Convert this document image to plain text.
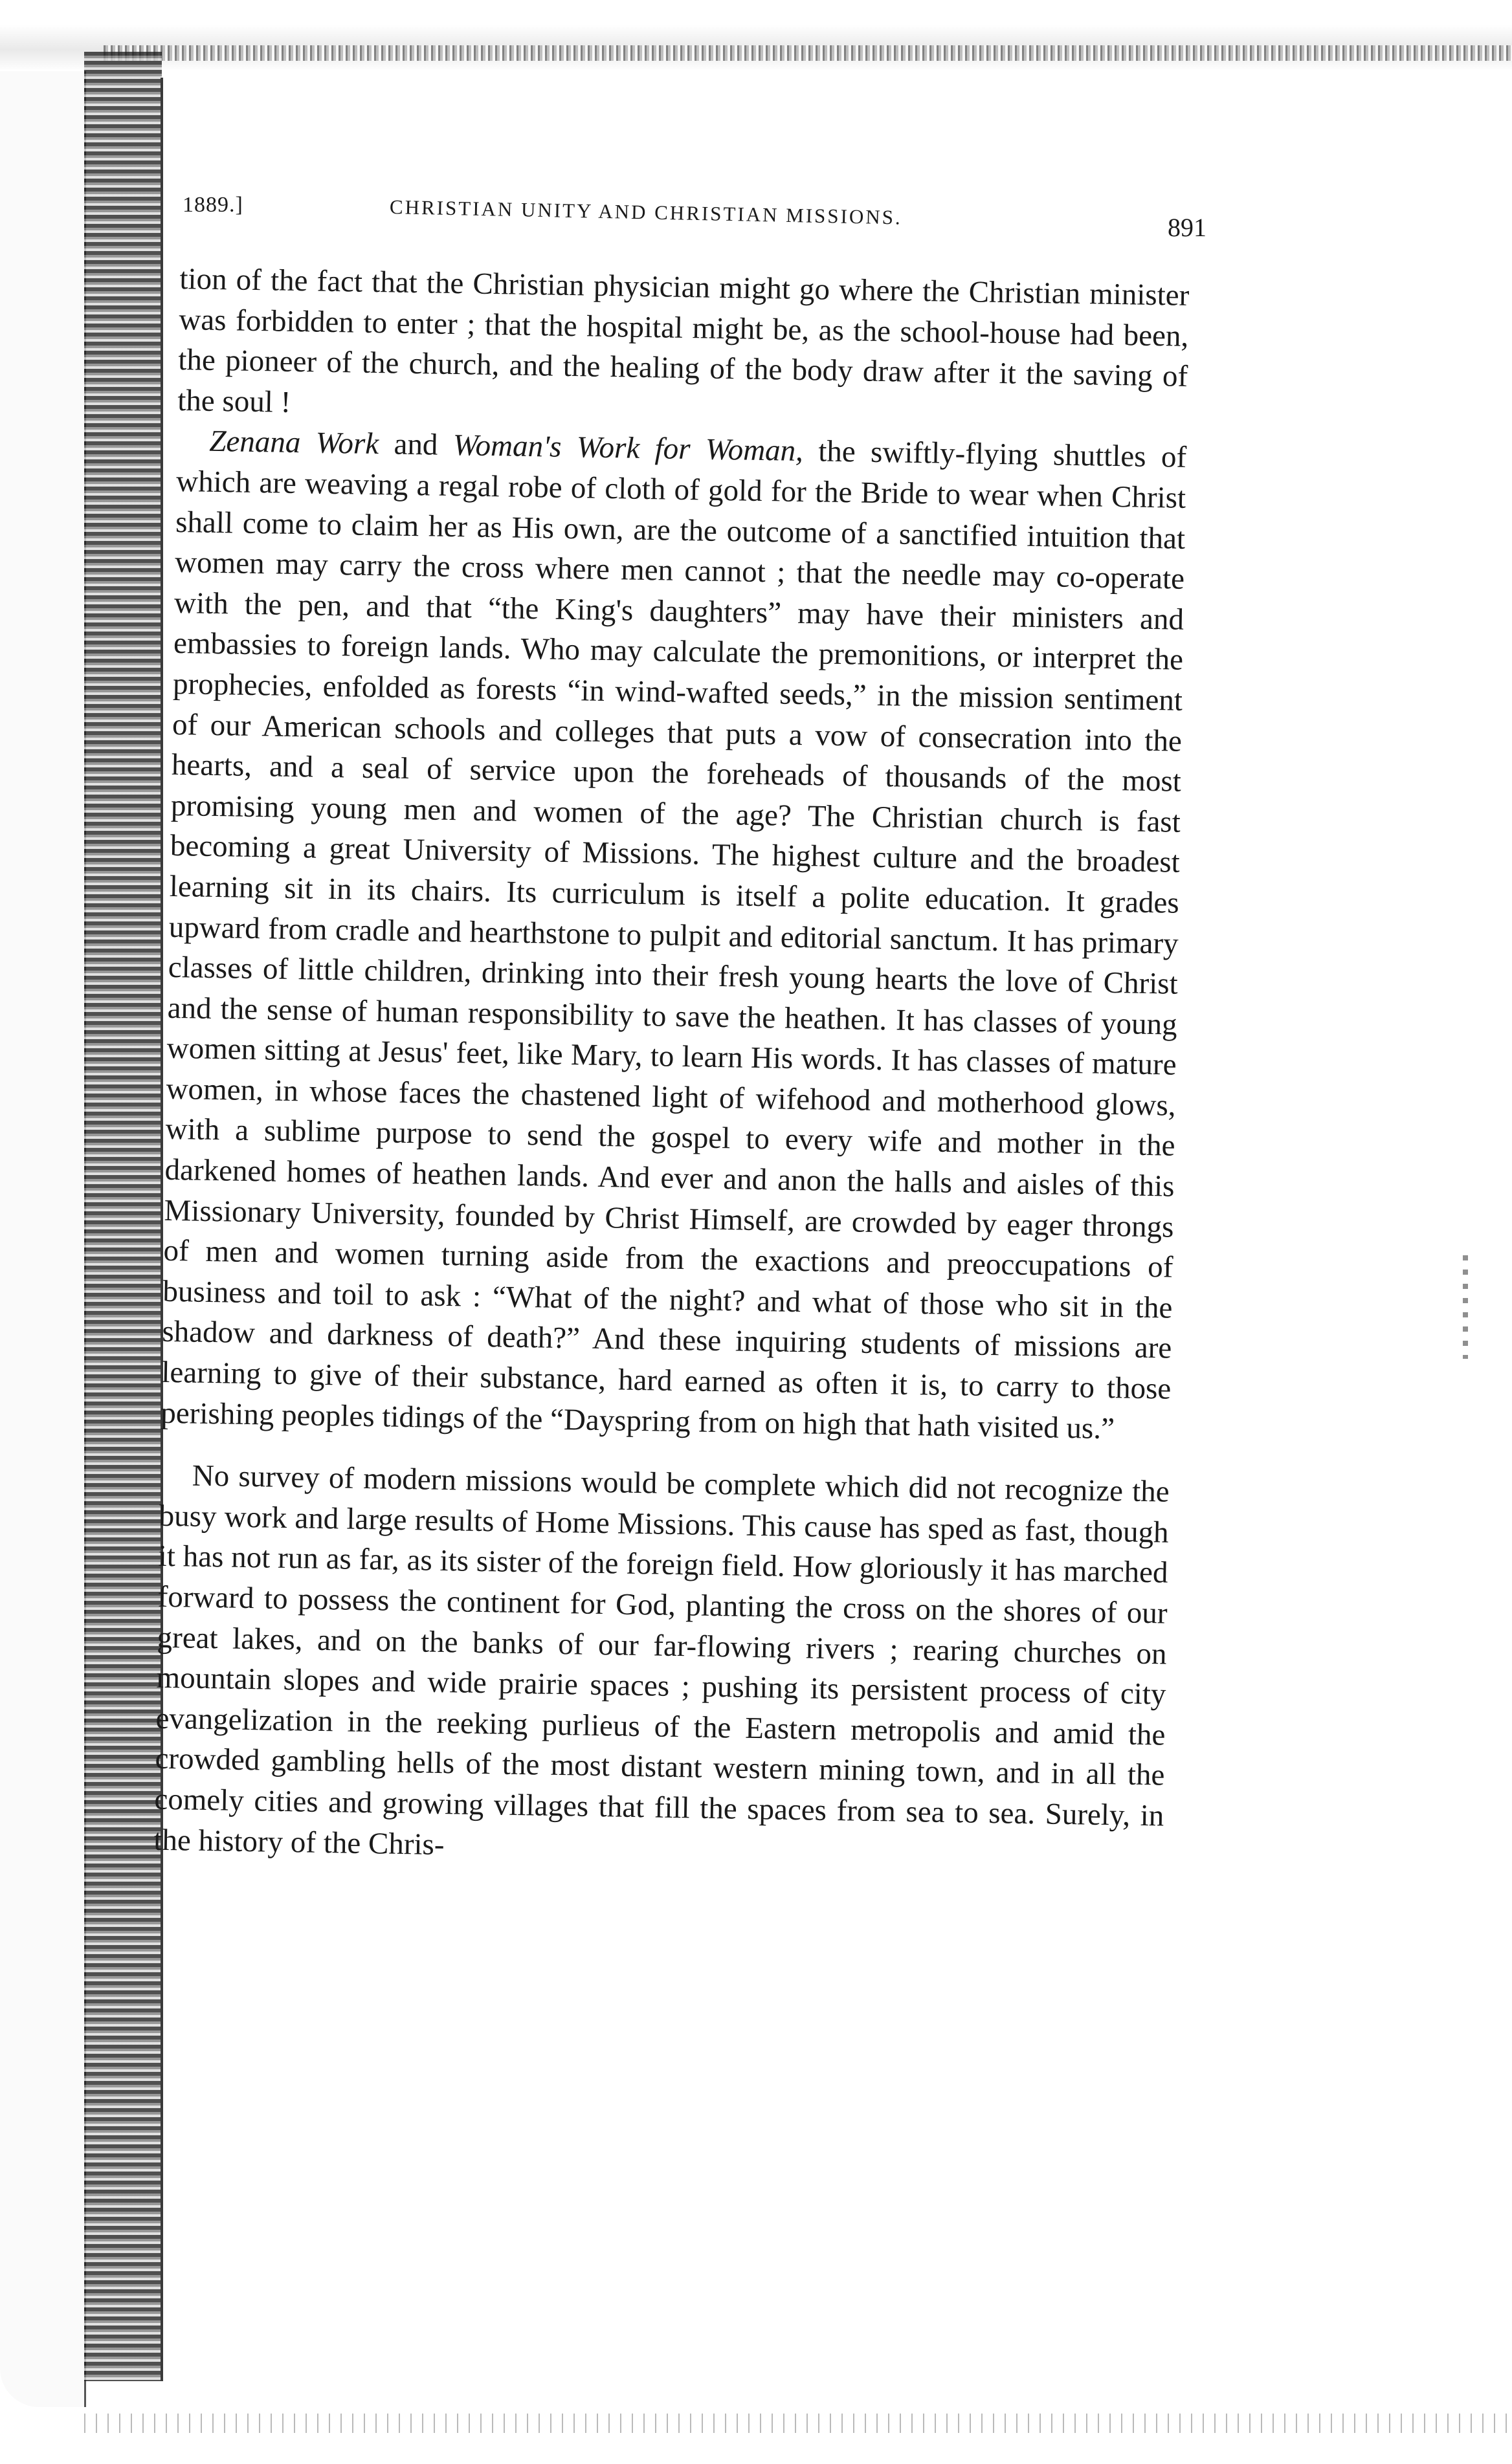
1889.]	CHRISTIAN UNITY AND CHRISTIAN MISSIONS.	891

tion of the fact that the Christian physician might go where the Christian minister was forbidden to enter ; that the hospital might be, as the school-house had been, the pioneer of the church, and the healing of the body draw after it the saving of the soul !

Zenana Work and Woman's Work for Woman, the swiftly-flying shuttles of which are weaving a regal robe of cloth of gold for the Bride to wear when Christ shall come to claim her as His own, are the outcome of a sanctified intuition that women may carry the cross where men cannot ; that the needle may co-operate with the pen, and that “the King's daughters” may have their ministers and embassies to foreign lands. Who may calculate the premonitions, or interpret the prophecies, enfolded as forests “in wind-wafted seeds,” in the mission sentiment of our American schools and colleges that puts a vow of consecration into the hearts, and a seal of service upon the foreheads of thousands of the most promising young men and women of the age? The Christian church is fast becoming a great University of Missions. The highest culture and the broadest learning sit in its chairs. Its curriculum is itself a polite education. It grades upward from cradle and hearthstone to pulpit and editorial sanctum. It has primary classes of little children, drinking into their fresh young hearts the love of Christ and the sense of human responsibility to save the heathen. It has classes of young women sitting at Jesus' feet, like Mary, to learn His words. It has classes of mature women, in whose faces the chastened light of wifehood and motherhood glows, with a sublime purpose to send the gospel to every wife and mother in the darkened homes of heathen lands. And ever and anon the halls and aisles of this Missionary University, founded by Christ Himself, are crowded by eager throngs of men and women turning aside from the exactions and preoccupations of business and toil to ask : “What of the night? and what of those who sit in the shadow and darkness of death?” And these inquiring students of missions are learning to give of their substance, hard earned as often it is, to carry to those perishing peoples tidings of the “Dayspring from on high that hath visited us.”

No survey of modern missions would be complete which did not recognize the busy work and large results of Home Missions. This cause has sped as fast, though it has not run as far, as its sister of the foreign field. How gloriously it has marched forward to possess the continent for God, planting the cross on the shores of our great lakes, and on the banks of our far-flowing rivers ; rearing churches on mountain slopes and wide prairie spaces ; pushing its persistent process of city evangelization in the reeking purlieus of the Eastern metropolis and amid the crowded gambling hells of the most distant western mining town, and in all the comely cities and growing villages that fill the spaces from sea to sea. Surely, in the history of the Chris-
